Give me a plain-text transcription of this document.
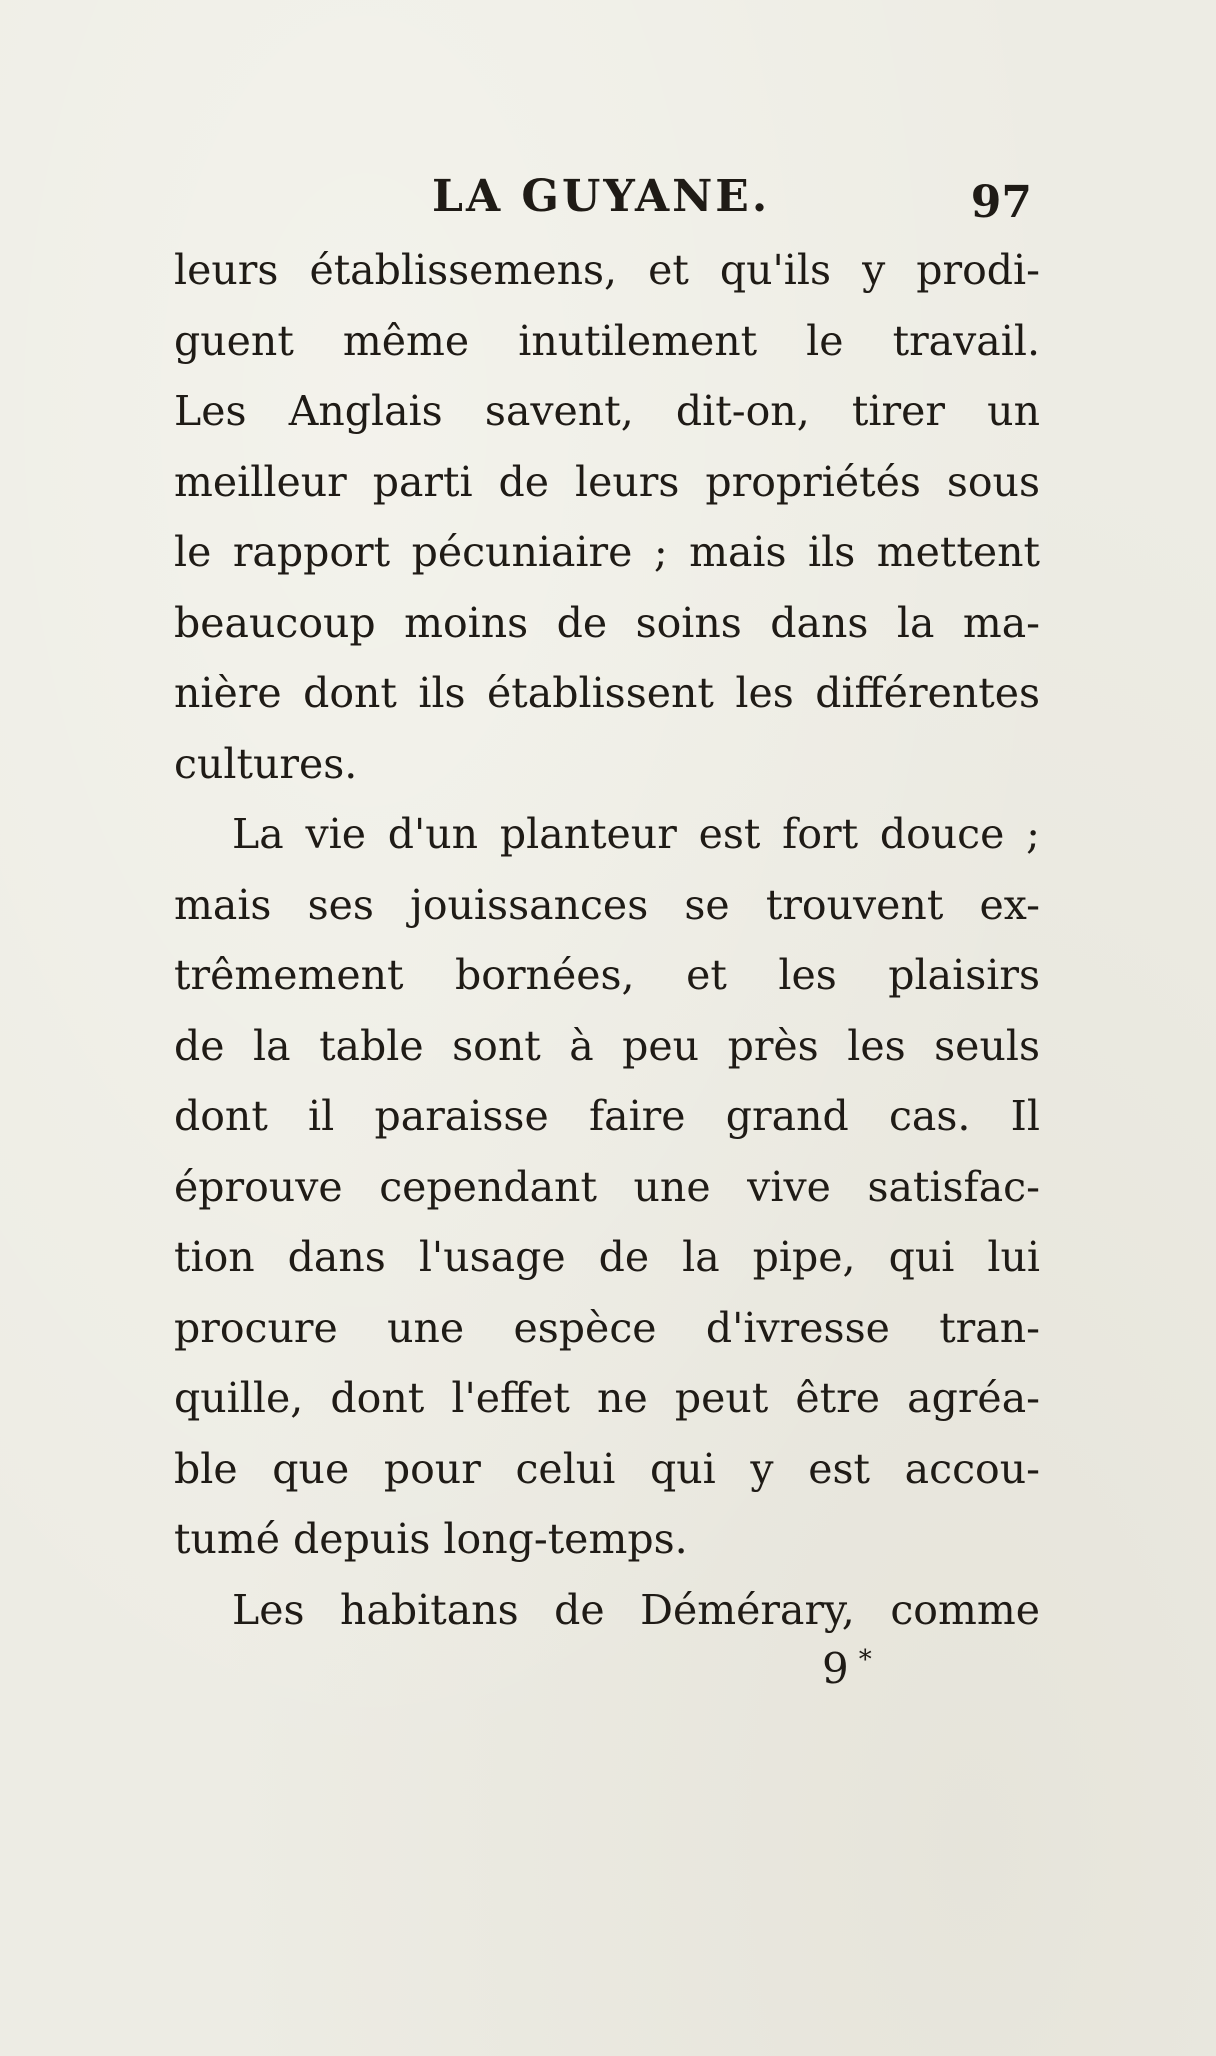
LA GUYANE.	97
leurs établissemens, et qu'ils y prodi-
guent même inutilement le travail.
Les Anglais savent, dit-on, tirer un
meilleur parti de leurs propriétés sous
le rapport pécuniaire ; mais ils mettent
beaucoup moins de soins dans la ma-
nière dont ils établissent les différentes
cultures.
La vie d'un planteur est fort douce ;
mais ses jouissances se trouvent ex-
trêmement bornées, et les plaisirs
de la table sont à peu près les seuls
dont il paraisse faire grand cas. Il
éprouve cependant une vive satisfac-
tion dans l'usage de la pipe, qui lui
procure une espèce d'ivresse tran-
quille, dont l'effet ne peut être agréa-
ble que pour celui qui y est accou-
tumé depuis long-temps.
Les habitans de Démérary, comme
9 *
